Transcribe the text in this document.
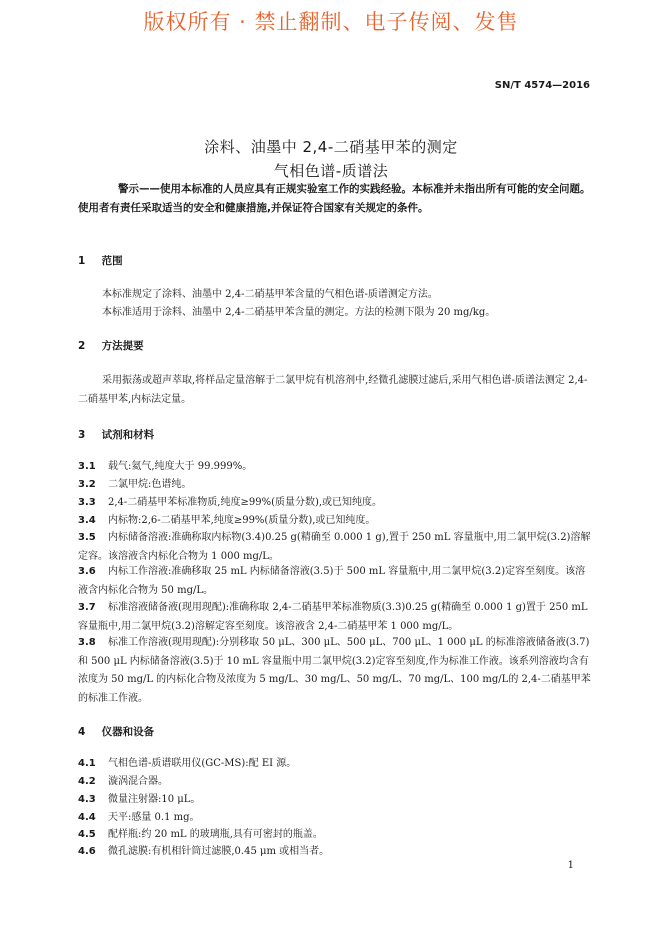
版权所有 · 禁止翻制、电子传阅、发售
SN/T 4574—2016
涂料、油墨中 2,4-二硝基甲苯的测定
气相色谱-质谱法
警示——使用本标准的人员应具有正规实验室工作的实践经验。本标准并未指出所有可能的安全问题。使用者有责任采取适当的安全和健康措施,并保证符合国家有关规定的条件。
1 范围
本标准规定了涂料、油墨中 2,4-二硝基甲苯含量的气相色谱-质谱测定方法。
本标准适用于涂料、油墨中 2,4-二硝基甲苯含量的测定。方法的检测下限为 20 mg/kg。
2 方法提要
采用振荡或超声萃取,将样品定量溶解于二氯甲烷有机溶剂中,经微孔滤膜过滤后,采用气相色谱-质谱法测定 2,4-二硝基甲苯,内标法定量。
3 试剂和材料
3.1 载气:氦气,纯度大于 99.999%。
3.2 二氯甲烷:色谱纯。
3.3 2,4-二硝基甲苯标准物质,纯度≥99%(质量分数),或已知纯度。
3.4 内标物:2,6-二硝基甲苯,纯度≥99%(质量分数),或已知纯度。
3.5 内标储备溶液:准确称取内标物(3.4)0.25 g(精确至 0.000 1 g),置于 250 mL 容量瓶中,用二氯甲烷(3.2)溶解定容。该溶液含内标化合物为 1 000 mg/L。
3.6 内标工作溶液:准确移取 25 mL 内标储备溶液(3.5)于 500 mL 容量瓶中,用二氯甲烷(3.2)定容至刻度。该溶液含内标化合物为 50 mg/L。
3.7 标准溶液储备液(现用现配):准确称取 2,4-二硝基甲苯标准物质(3.3)0.25 g(精确至 0.000 1 g)置于 250 mL 容量瓶中,用二氯甲烷(3.2)溶解定容至刻度。该溶液含 2,4-二硝基甲苯 1 000 mg/L。
3.8 标准工作溶液(现用现配):分别移取 50 μL、300 μL、500 μL、700 μL、1 000 μL 的标准溶液储备液(3.7)和 500 μL 内标储备溶液(3.5)于 10 mL 容量瓶中用二氯甲烷(3.2)定容至刻度,作为标准工作液。该系列溶液均含有浓度为 50 mg/L 的内标化合物及浓度为 5 mg/L、30 mg/L、50 mg/L、70 mg/L、100 mg/L的 2,4-二硝基甲苯的标准工作液。
4 仪器和设备
4.1 气相色谱-质谱联用仪(GC-MS):配 EI 源。
4.2 漩涡混合器。
4.3 微量注射器:10 μL。
4.4 天平:感量 0.1 mg。
4.5 配样瓶:约 20 mL 的玻璃瓶,具有可密封的瓶盖。
4.6 微孔滤膜:有机相针筒过滤膜,0.45 μm 或相当者。
1
